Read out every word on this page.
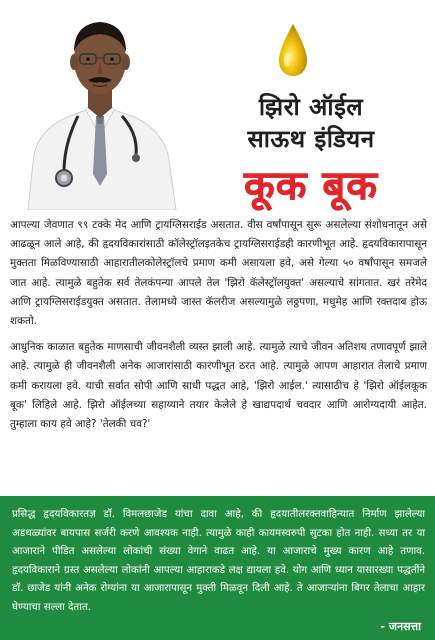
झिरो ऑईल
साऊथ इंडियन
कूक बूक

आपल्या जेवणात ९९ टक्के मेद आणि ट्रायग्लिसराईड असतात. वीस वर्षांपासून सुरू असलेल्या संशोधनातून असे आढळून आले आहे, की हृदयविकारांसाठी कॉलेस्ट्रॉलइतकेच ट्रायग्लिसराईडही कारणीभूत आहे. हृदयविकारापासून मुक्तता मिळविण्यासाठी आहारातीलकोलेस्ट्रॉलचे प्रमाण कमी असायला हवे, असे गेल्या ५० वर्षांपासून समजले जात आहे. त्यामुळे बहुतेक सर्व तेलकंपन्या आपले तेल 'झिरो कॅलेस्ट्रॉलयुक्त' असल्याचे सांगतात. खरं तरेमेद आणि ट्रायग्लिसराईडयुक्त असतात. तेलामध्ये जास्त कॅलरीज असल्यामुळे लठ्ठपणा, मधुमेह आणि रक्तदाब होऊ शकतो.

आधुनिक काळात बहुतेक माणसाची जीवनशैली व्यस्त झाली आहे. त्यामुळे त्याचे जीवन अतिशय तणावपूर्ण झाले आहे. त्यामुळे ही जीवनशैली अनेक आजारांसाठी कारणीभूत ठरत आहे. त्यामुळे आपण आहारात तेलाचे प्रमाण कमी करायला हवे. याची सर्वात सोपी आणि साधी पद्धत आहे, 'झिरो आईल.' त्यासाठीच हे 'झिरो ऑईलकूक बूक' लिहिले आहे. झिरो ऑईलच्या सहाय्याने तयार केलेले हे खाद्यपदार्थ चवदार आणि आरोग्यदायी आहेत. तुम्हाला काय हवे आहे? 'तेलकी चव?'

प्रसिद्ध हृदयविकारतज्ञ डॉ. विमलछाजेड यांचा दावा आहे, की हृदयातीलरक्तवाहिन्यात निर्माण झालेल्या अडथळ्यांवर बायपास सर्जरी करणे आवश्यक नाही. त्यामुळे काही कायमस्वरुपी सुटका होत नाही. सध्या तर या आजाराने पीडित असलेल्या लोकांची संख्या वेगाने वाढत आहे. या आजाराचे मुख्य कारण आहे तणाव. हृदयविकाराने ग्रस्त असलेल्या लोकांनी आपल्या आहाराकडे लक्ष द्यायला हवे. योग आणि ध्यान यासारख्या पद्धतींने डॉ. छाजेड यांनी अनेक रोग्यांना या आजारापासून मुक्ती मिळवून दिली आहे. ते आजाऱ्यांना बिगर तेलाचा आहार घेण्याचा सल्ला देतात.

- जनसत्ता
